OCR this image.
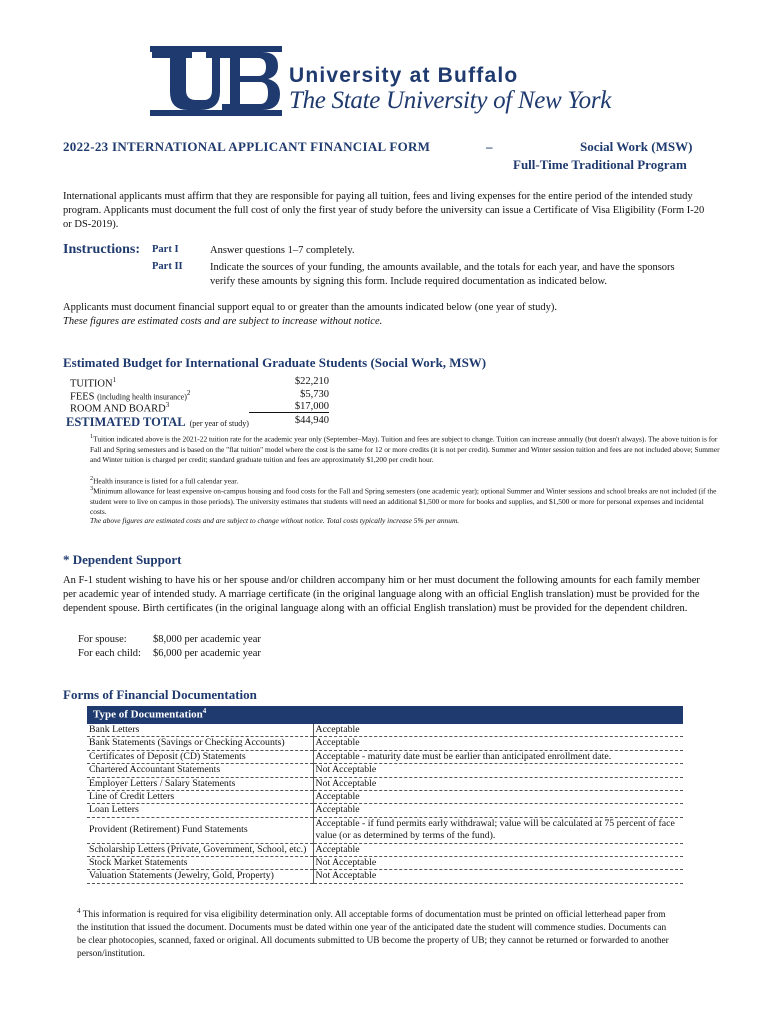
University at Buffalo
The State University of New York
2022-23 INTERNATIONAL APPLICANT FINANCIAL FORM	–	Social Work (MSW)
Full-Time Traditional Program
International applicants must affirm that they are responsible for paying all tuition, fees and living expenses for the entire period of the intended study program. Applicants must document the full cost of only the first year of study before the university can issue a Certificate of Visa Eligibility (Form I-20 or DS-2019).
Instructions: Part I	Answer questions 1–7 completely.
Part II	Indicate the sources of your funding, the amounts available, and the totals for each year, and have the sponsors verify these amounts by signing this form. Include required documentation as indicated below.
Applicants must document financial support equal to or greater than the amounts indicated below (one year of study).
These figures are estimated costs and are subject to increase without notice.
Estimated Budget for International Graduate Students (Social Work, MSW)
TUITION$^1$	$22,210
FEES (including health insurance)$^2$	$5,730
ROOM AND BOARD$^3$	$17,000
ESTIMATED TOTAL (per year of study)	$44,940
$^1$Tuition indicated above is the 2021-22 tuition rate for the academic year only (September–May). Tuition and fees are subject to change. Tuition can increase annually (but doesn't always). The above tuition is for Fall and Spring semesters and is based on the "flat tuition" model where the cost is the same for 12 or more credits (it is not per credit). Summer and Winter session tuition and fees are not included above; Summer and Winter tuition is charged per credit; standard graduate tuition and fees are approximately $1,200 per credit hour.
$^2$Health insurance is listed for a full calendar year.
$^3$Minimum allowance for least expensive on-campus housing and food costs for the Fall and Spring semesters (one academic year); optional Summer and Winter sessions and school breaks are not included (if the student were to live on campus in those periods). The university estimates that students will need an additional $1,500 or more for books and supplies, and $1,500 or more for personal expenses and incidental costs.
The above figures are estimated costs and are subject to change without notice. Total costs typically increase 5% per annum.
* Dependent Support
An F-1 student wishing to have his or her spouse and/or children accompany him or her must document the following amounts for each family member per academic year of intended study. A marriage certificate (in the original language along with an official English translation) must be provided for the dependent spouse. Birth certificates (in the original language along with an official English translation) must be provided for the dependent children.
For spouse:	$8,000 per academic year
For each child: $6,000 per academic year
Forms of Financial Documentation
Type of Documentation$^4$
Bank Letters	Acceptable
Bank Statements (Savings or Checking Accounts)	Acceptable
Certificates of Deposit (CD) Statements	Acceptable - maturity date must be earlier than anticipated enrollment date.
Chartered Accountant Statements	Not Acceptable
Employer Letters / Salary Statements	Not Acceptable
Line of Credit Letters	Acceptable
Loan Letters	Acceptable
Provident (Retirement) Fund Statements	Acceptable - if fund permits early withdrawal; value will be calculated at 75 percent of face value (or as determined by terms of the fund).
Scholarship Letters (Private, Government, School, etc.)	Acceptable
Stock Market Statements	Not Acceptable
Valuation Statements (Jewelry, Gold, Property)	Not Acceptable
$^4$ This information is required for visa eligibility determination only. All acceptable forms of documentation must be printed on official letterhead paper from the institution that issued the document. Documents must be dated within one year of the anticipated date the student will commence studies. Documents can be clear photocopies, scanned, faxed or original. All documents submitted to UB become the property of UB; they cannot be returned or forwarded to another person/institution.
